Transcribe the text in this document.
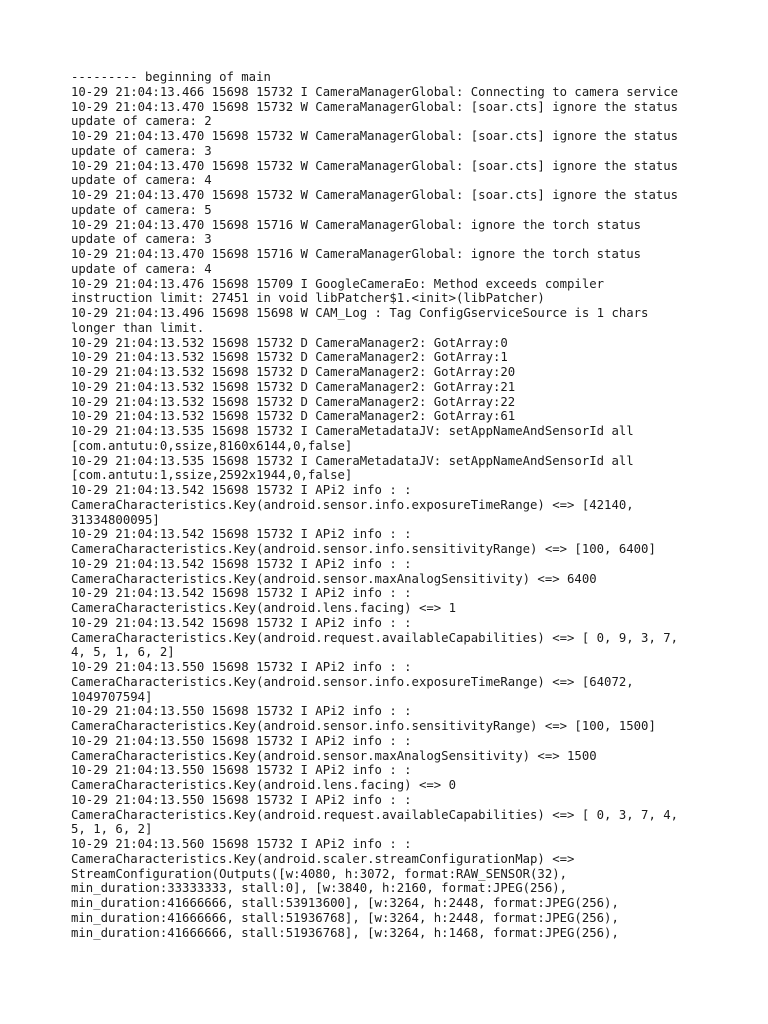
--------- beginning of main
10-29 21:04:13.466 15698 15732 I CameraManagerGlobal: Connecting to camera service
10-29 21:04:13.470 15698 15732 W CameraManagerGlobal: [soar.cts] ignore the status
update of camera: 2
10-29 21:04:13.470 15698 15732 W CameraManagerGlobal: [soar.cts] ignore the status
update of camera: 3
10-29 21:04:13.470 15698 15732 W CameraManagerGlobal: [soar.cts] ignore the status
update of camera: 4
10-29 21:04:13.470 15698 15732 W CameraManagerGlobal: [soar.cts] ignore the status
update of camera: 5
10-29 21:04:13.470 15698 15716 W CameraManagerGlobal: ignore the torch status
update of camera: 3
10-29 21:04:13.470 15698 15716 W CameraManagerGlobal: ignore the torch status
update of camera: 4
10-29 21:04:13.476 15698 15709 I GoogleCameraEo: Method exceeds compiler
instruction limit: 27451 in void libPatcher$1.<init>(libPatcher)
10-29 21:04:13.496 15698 15698 W CAM_Log : Tag ConfigGserviceSource is 1 chars
longer than limit.
10-29 21:04:13.532 15698 15732 D CameraManager2: GotArray:0
10-29 21:04:13.532 15698 15732 D CameraManager2: GotArray:1
10-29 21:04:13.532 15698 15732 D CameraManager2: GotArray:20
10-29 21:04:13.532 15698 15732 D CameraManager2: GotArray:21
10-29 21:04:13.532 15698 15732 D CameraManager2: GotArray:22
10-29 21:04:13.532 15698 15732 D CameraManager2: GotArray:61
10-29 21:04:13.535 15698 15732 I CameraMetadataJV: setAppNameAndSensorId all
[com.antutu:0,ssize,8160x6144,0,false]
10-29 21:04:13.535 15698 15732 I CameraMetadataJV: setAppNameAndSensorId all
[com.antutu:1,ssize,2592x1944,0,false]
10-29 21:04:13.542 15698 15732 I APi2 info : :
CameraCharacteristics.Key(android.sensor.info.exposureTimeRange) <=> [42140,
31334800095]
10-29 21:04:13.542 15698 15732 I APi2 info : :
CameraCharacteristics.Key(android.sensor.info.sensitivityRange) <=> [100, 6400]
10-29 21:04:13.542 15698 15732 I APi2 info : :
CameraCharacteristics.Key(android.sensor.maxAnalogSensitivity) <=> 6400
10-29 21:04:13.542 15698 15732 I APi2 info : :
CameraCharacteristics.Key(android.lens.facing) <=> 1
10-29 21:04:13.542 15698 15732 I APi2 info : :
CameraCharacteristics.Key(android.request.availableCapabilities) <=> [ 0, 9, 3, 7,
4, 5, 1, 6, 2]
10-29 21:04:13.550 15698 15732 I APi2 info : :
CameraCharacteristics.Key(android.sensor.info.exposureTimeRange) <=> [64072,
1049707594]
10-29 21:04:13.550 15698 15732 I APi2 info : :
CameraCharacteristics.Key(android.sensor.info.sensitivityRange) <=> [100, 1500]
10-29 21:04:13.550 15698 15732 I APi2 info : :
CameraCharacteristics.Key(android.sensor.maxAnalogSensitivity) <=> 1500
10-29 21:04:13.550 15698 15732 I APi2 info : :
CameraCharacteristics.Key(android.lens.facing) <=> 0
10-29 21:04:13.550 15698 15732 I APi2 info : :
CameraCharacteristics.Key(android.request.availableCapabilities) <=> [ 0, 3, 7, 4,
5, 1, 6, 2]
10-29 21:04:13.560 15698 15732 I APi2 info : :
CameraCharacteristics.Key(android.scaler.streamConfigurationMap) <=>
StreamConfiguration(Outputs([w:4080, h:3072, format:RAW_SENSOR(32),
min_duration:33333333, stall:0], [w:3840, h:2160, format:JPEG(256),
min_duration:41666666, stall:53913600], [w:3264, h:2448, format:JPEG(256),
min_duration:41666666, stall:51936768], [w:3264, h:2448, format:JPEG(256),
min_duration:41666666, stall:51936768], [w:3264, h:1468, format:JPEG(256),
